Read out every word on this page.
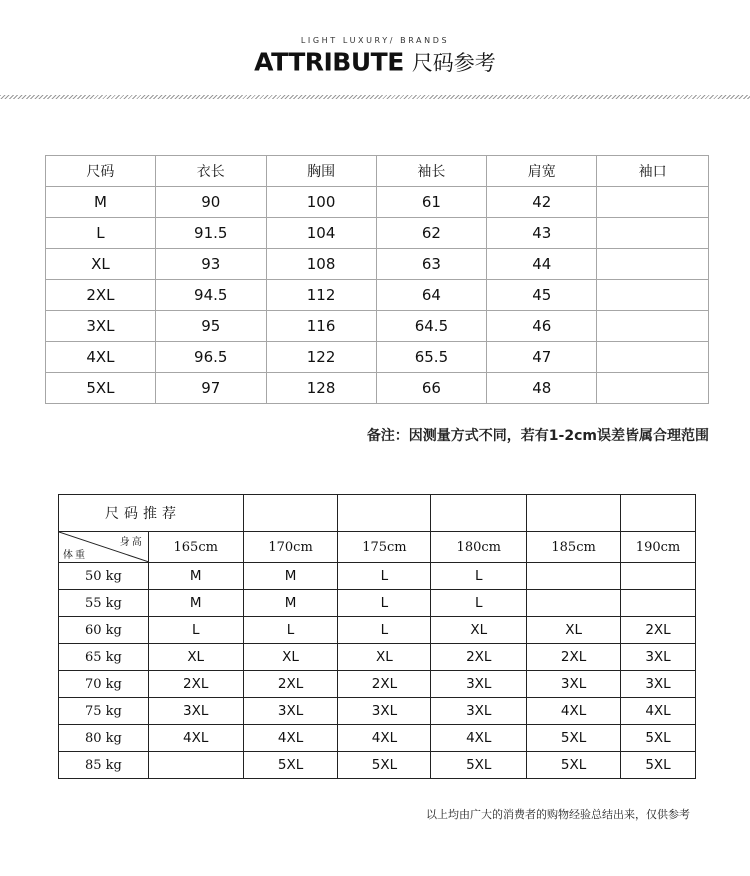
LIGHT LUXURY/ BRANDS
ATTRIBUTE 尺码参考
尺码	衣长	胸围	袖长	肩宽	袖口
M	90	100	61	42	
L	91.5	104	62	43	
XL	93	108	63	44	
2XL	94.5	112	64	45	
3XL	95	116	64.5	46	
4XL	96.5	122	65.5	47	
5XL	97	128	66	48	
备注：因测量方式不同，若有1-2cm误差皆属合理范围
尺码推荐						

身高
体重	165cm	170cm	175cm	180cm	185cm	190cm
50 kg	M	M	L	L		
55 kg	M	M	L	L		
60 kg	L	L	L	XL	XL	2XL
65 kg	XL	XL	XL	2XL	2XL	3XL
70 kg	2XL	2XL	2XL	3XL	3XL	3XL
75 kg	3XL	3XL	3XL	3XL	4XL	4XL
80 kg	4XL	4XL	4XL	4XL	5XL	5XL
85 kg		5XL	5XL	5XL	5XL	5XL
以上均由广大的消费者的购物经验总结出来，仅供参考
